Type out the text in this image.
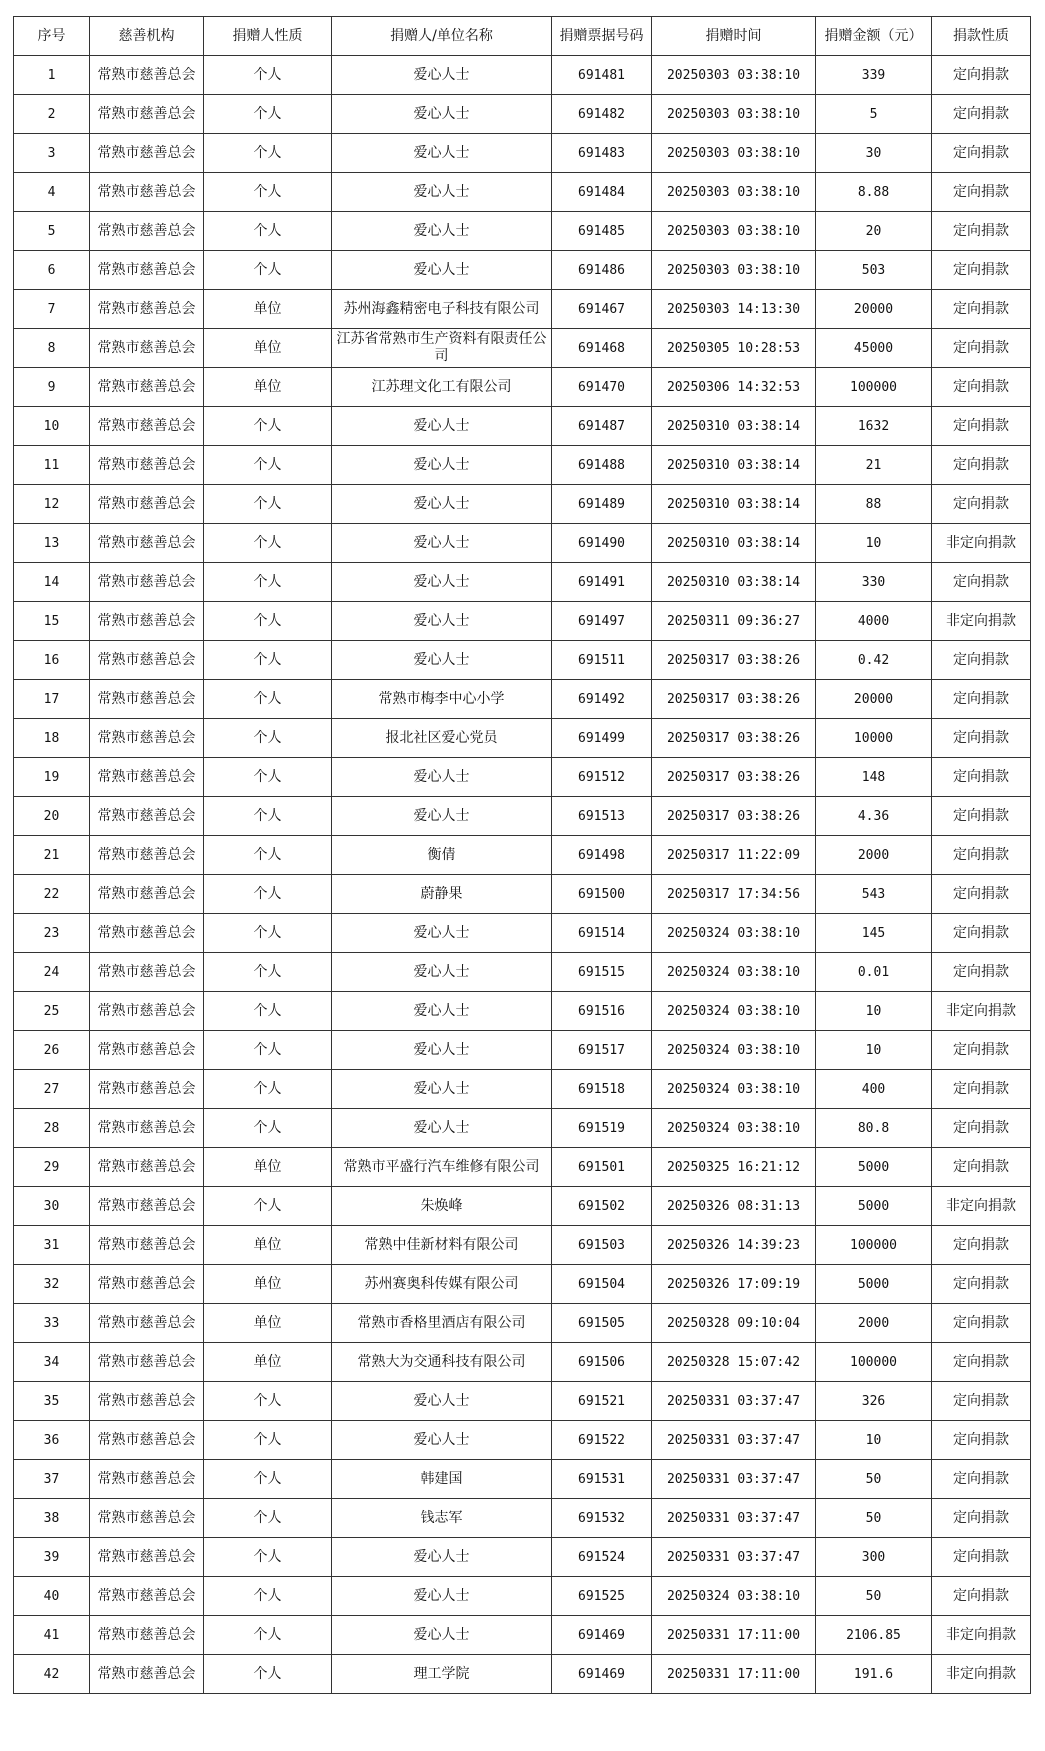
序号	慈善机构	捐赠人性质	捐赠人/单位名称	捐赠票据号码	捐赠时间	捐赠金额（元）	捐款性质
1	常熟市慈善总会	个人	爱心人士	691481	20250303 03:38:10	339	定向捐款
2	常熟市慈善总会	个人	爱心人士	691482	20250303 03:38:10	5	定向捐款
3	常熟市慈善总会	个人	爱心人士	691483	20250303 03:38:10	30	定向捐款
4	常熟市慈善总会	个人	爱心人士	691484	20250303 03:38:10	8.88	定向捐款
5	常熟市慈善总会	个人	爱心人士	691485	20250303 03:38:10	20	定向捐款
6	常熟市慈善总会	个人	爱心人士	691486	20250303 03:38:10	503	定向捐款
7	常熟市慈善总会	单位	苏州海鑫精密电子科技有限公司	691467	20250303 14:13:30	20000	定向捐款
8	常熟市慈善总会	单位	江苏省常熟市生产资料有限责任公司	691468	20250305 10:28:53	45000	定向捐款
9	常熟市慈善总会	单位	江苏理文化工有限公司	691470	20250306 14:32:53	100000	定向捐款
10	常熟市慈善总会	个人	爱心人士	691487	20250310 03:38:14	1632	定向捐款
11	常熟市慈善总会	个人	爱心人士	691488	20250310 03:38:14	21	定向捐款
12	常熟市慈善总会	个人	爱心人士	691489	20250310 03:38:14	88	定向捐款
13	常熟市慈善总会	个人	爱心人士	691490	20250310 03:38:14	10	非定向捐款
14	常熟市慈善总会	个人	爱心人士	691491	20250310 03:38:14	330	定向捐款
15	常熟市慈善总会	个人	爱心人士	691497	20250311 09:36:27	4000	非定向捐款
16	常熟市慈善总会	个人	爱心人士	691511	20250317 03:38:26	0.42	定向捐款
17	常熟市慈善总会	个人	常熟市梅李中心小学	691492	20250317 03:38:26	20000	定向捐款
18	常熟市慈善总会	个人	报北社区爱心党员	691499	20250317 03:38:26	10000	定向捐款
19	常熟市慈善总会	个人	爱心人士	691512	20250317 03:38:26	148	定向捐款
20	常熟市慈善总会	个人	爱心人士	691513	20250317 03:38:26	4.36	定向捐款
21	常熟市慈善总会	个人	衡倩	691498	20250317 11:22:09	2000	定向捐款
22	常熟市慈善总会	个人	蔚静果	691500	20250317 17:34:56	543	定向捐款
23	常熟市慈善总会	个人	爱心人士	691514	20250324 03:38:10	145	定向捐款
24	常熟市慈善总会	个人	爱心人士	691515	20250324 03:38:10	0.01	定向捐款
25	常熟市慈善总会	个人	爱心人士	691516	20250324 03:38:10	10	非定向捐款
26	常熟市慈善总会	个人	爱心人士	691517	20250324 03:38:10	10	定向捐款
27	常熟市慈善总会	个人	爱心人士	691518	20250324 03:38:10	400	定向捐款
28	常熟市慈善总会	个人	爱心人士	691519	20250324 03:38:10	80.8	定向捐款
29	常熟市慈善总会	单位	常熟市平盛行汽车维修有限公司	691501	20250325 16:21:12	5000	定向捐款
30	常熟市慈善总会	个人	朱焕峰	691502	20250326 08:31:13	5000	非定向捐款
31	常熟市慈善总会	单位	常熟中佳新材料有限公司	691503	20250326 14:39:23	100000	定向捐款
32	常熟市慈善总会	单位	苏州赛奥科传媒有限公司	691504	20250326 17:09:19	5000	定向捐款
33	常熟市慈善总会	单位	常熟市香格里酒店有限公司	691505	20250328 09:10:04	2000	定向捐款
34	常熟市慈善总会	单位	常熟大为交通科技有限公司	691506	20250328 15:07:42	100000	定向捐款
35	常熟市慈善总会	个人	爱心人士	691521	20250331 03:37:47	326	定向捐款
36	常熟市慈善总会	个人	爱心人士	691522	20250331 03:37:47	10	定向捐款
37	常熟市慈善总会	个人	韩建国	691531	20250331 03:37:47	50	定向捐款
38	常熟市慈善总会	个人	钱志军	691532	20250331 03:37:47	50	定向捐款
39	常熟市慈善总会	个人	爱心人士	691524	20250331 03:37:47	300	定向捐款
40	常熟市慈善总会	个人	爱心人士	691525	20250324 03:38:10	50	定向捐款
41	常熟市慈善总会	个人	爱心人士	691469	20250331 17:11:00	2106.85	非定向捐款
42	常熟市慈善总会	个人	理工学院	691469	20250331 17:11:00	191.6	非定向捐款
